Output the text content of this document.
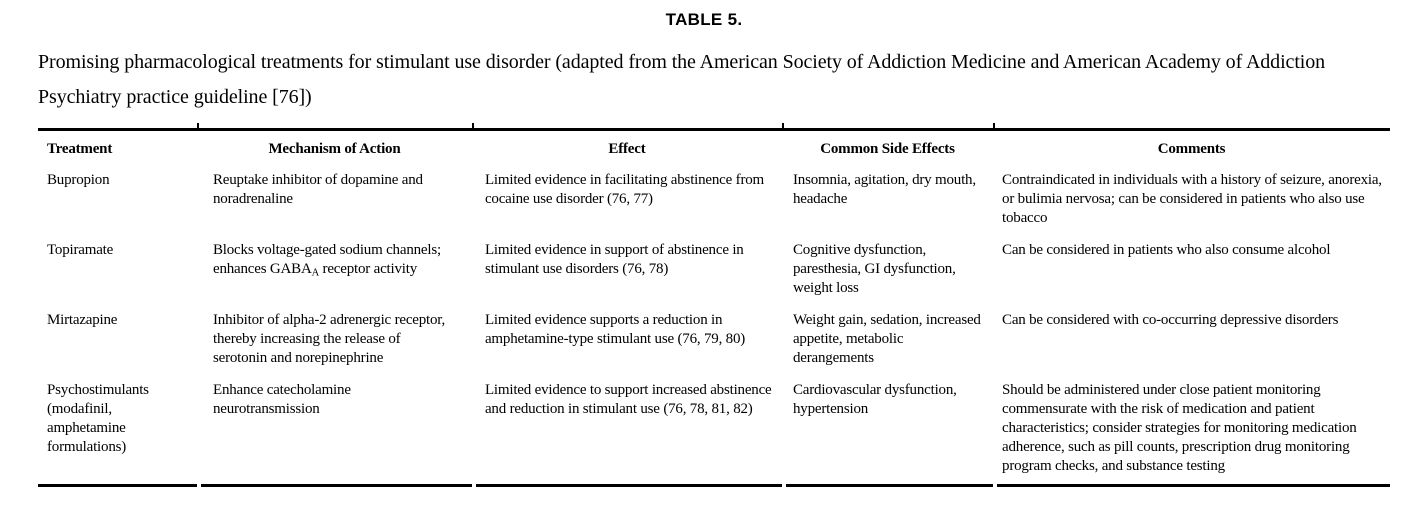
TABLE 5.

Promising pharmacological treatments for stimulant use disorder (adapted from the American Society of Addiction Medicine and American Academy of Addiction Psychiatry practice guideline [76])

Treatment	Mechanism of Action	Effect	Common Side Effects	Comments
Bupropion	Reuptake inhibitor of dopamine and noradrenaline	Limited evidence in facilitating abstinence from cocaine use disorder (76, 77)	Insomnia, agitation, dry mouth, headache	Contraindicated in individuals with a history of seizure, anorexia, or bulimia nervosa; can be considered in patients who also use tobacco
Topiramate	Blocks voltage-gated sodium channels; enhances $GABA_A$ receptor activity	Limited evidence in support of abstinence in stimulant use disorders (76, 78)	Cognitive dysfunction, paresthesia, GI dysfunction, weight loss	Can be considered in patients who also consume alcohol
Mirtazapine	Inhibitor of alpha-2 adrenergic receptor, thereby increasing the release of serotonin and norepinephrine	Limited evidence supports a reduction in amphetamine-type stimulant use (76, 79, 80)	Weight gain, sedation, increased appetite, metabolic derangements	Can be considered with co-occurring depressive disorders
Psychostimulants (modafinil, amphetamine formulations)	Enhance catecholamine neurotransmission	Limited evidence to support increased abstinence and reduction in stimulant use (76, 78, 81, 82)	Cardiovascular dysfunction, hypertension	Should be administered under close patient monitoring commensurate with the risk of medication and patient characteristics; consider strategies for monitoring medication adherence, such as pill counts, prescription drug monitoring program checks, and substance testing
